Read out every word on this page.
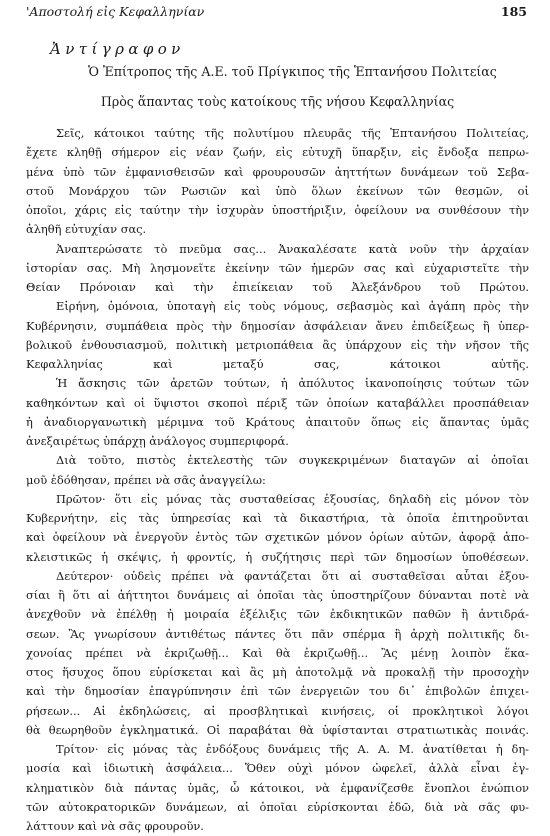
'Αποστολή εἰς Κεφαλληνίαν	185
Ἀντίγραφον
Ὁ Ἐπίτροπος τῆς Α.Ε. τοῦ Πρίγκιπος τῆς Ἑπτανήσου Πολιτείας
Πρὸς ἅπαντας τοὺς κατοίκους τῆς νήσου Κεφαλληνίας
Σεῖς, κάτοικοι ταύτης τῆς πολυτίμου πλευρᾶς τῆς Ἑπτανήσου Πολιτείας,
ἔχετε κληθῇ σήμερον εἰς νέαν ζωήν, εἰς εὐτυχῆ ὕπαρξιν, εἰς ἔνδοξα πεπρω-
μένα ὑπὸ τῶν ἐμφανισθεισῶν καὶ φρουρουσῶν ἀηττήτων δυνάμεων τοῦ Σεβα-
στοῦ Μονάρχου τῶν Ρωσιῶν καὶ ὑπὸ ὅλων ἐκείνων τῶν θεσμῶν, οἱ
ὁποῖοι, χάρις εἰς ταύτην τὴν ἰσχυρὰν ὑποστήριξιν, ὀφείλουν να συνθέσουν τὴν
ἀληθῆ εὐτυχίαν σας.
Ἀναπτερώσατε τὸ πνεῦμα σας... Ἀνακαλέσατε κατὰ νοῦν τὴν ἀρχαίαν
ἱστορίαν σας. Μὴ λησμονεῖτε ἐκείνην τῶν ἡμερῶν σας καὶ εὐχαριστεῖτε τὴν
Θείαν Πρόνοιαν καὶ τὴν ἐπιείκειαν τοῦ Ἀλεξάνδρου τοῦ Πρώτου.
Εἰρήνη, ὁμόνοια, ὑποταγὴ εἰς τοὺς νόμους, σεβασμὸς καὶ ἀγάπη πρὸς τὴν
Κυβέρνησιν, συμπάθεια πρὸς τὴν δημοσίαν ἀσφάλειαν ἄνευ ἐπιδείξεως ἢ ὑπερ-
βολικοῦ ἐνθουσιασμοῦ, πολιτικὴ μετριοπάθεια ἂς ὑπάρχουν εἰς τὴν νῆσον τῆς
Κεφαλληνίας καὶ μεταξύ σας, κάτοικοι αὐτῆς.
Ἡ ἄσκησις τῶν ἀρετῶν τούτων, ἡ ἀπόλυτος ἱκανοποίησις τούτων τῶν
καθηκόντων καὶ οἱ ὕψιστοι σκοποὶ πέριξ τῶν ὁποίων καταβάλλει προσπάθειαν
ἡ ἀναδιοργανωτικὴ μέριμνα τοῦ Κράτους ἀπαιτοῦν ὅπως εἰς ἅπαντας ὑμᾶς
ἀνεξαιρέτως ὑπάρχῃ ἀνάλογος συμπεριφορά.
Διὰ τοῦτο, πιστὸς ἐκτελεστὴς τῶν συγκεκριμένων διαταγῶν αἱ ὁποῖαι
μοῦ ἐδόθησαν, πρέπει νὰ σᾶς ἀναγγείλω:
Πρῶτον· ὅτι εἰς μόνας τὰς συσταθείσας ἐξουσίας, δηλαδὴ εἰς μόνον τὸν
Κυβερνήτην, εἰς τὰς ὑπηρεσίας καὶ τὰ δικαστήρια, τὰ ὁποῖα ἐπιτηροῦνται
καὶ ὀφείλουν νὰ ἐνεργοῦν ἐντὸς τῶν σχετικῶν μόνον ὁρίων αὐτῶν, ἀφορᾷ ἀπο-
κλειστικῶς ἡ σκέψις, ἡ φροντίς, ἡ συζήτησις περὶ τῶν δημοσίων ὑποθέσεων.
Δεύτερον· οὐδεὶς πρέπει νὰ φαντάζεται ὅτι αἱ συσταθεῖσαι αὗται ἐξου-
σίαι ἢ ὅτι αἱ ἀήττητοι δυνάμεις αἱ ὁποῖαι τὰς ὑποστηρίζουν δύνανται ποτὲ νὰ
ἀνεχθοῦν νὰ ἐπέλθῃ ἡ μοιραία ἐξέλιξις τῶν ἐκδικητικῶν παθῶν ἢ ἀντιδρά-
σεων. Ἂς γνωρίσουν ἀντιθέτως πάντες ὅτι πᾶν σπέρμα ἢ ἀρχὴ πολιτικῆς δι-
χονοίας πρέπει νὰ ἐκριζωθῇ... Καὶ θὰ ἐκριζωθῇ... Ἂς μένῃ λοιπὸν ἕκα-
στος ἥσυχος ὅπου εὑρίσκεται καὶ ἂς μὴ ἀποτολμᾷ νὰ προκαλῇ τὴν προσοχὴν
καὶ τὴν δημοσίαν ἐπαγρύπνησιν ἐπὶ τῶν ἐνεργειῶν του δι᾽ ἐπιβολῶν ἐπιχει-
ρήσεων... Αἱ ἐκδηλώσεις, αἱ προσβλητικαὶ κινήσεις, οἱ προκλητικοὶ λόγοι
θὰ θεωρηθοῦν ἐγκληματικά. Οἱ παραβάται θὰ ὑφίστανται στρατιωτικὰς ποινάς.
Τρίτον· εἰς μόνας τὰς ἐνδόξους δυνάμεις τῆς Α. Α. Μ. ἀνατίθεται ἡ δη-
μοσία καὶ ἰδιωτικὴ ἀσφάλεια... Ὅθεν οὐχὶ μόνον ὠφελεῖ, ἀλλὰ εἶναι ἐγ-
κληματικὸν διὰ πάντας ὑμᾶς, ὦ κάτοικοι, νὰ ἐμφανίζεσθε ἔνοπλοι ἐνώπιον
τῶν αὐτοκρατορικῶν δυνάμεων, αἱ ὁποῖαι εὑρίσκονται ἐδῶ, διὰ νὰ σᾶς φυ-
λάττουν καὶ νὰ σᾶς φρουροῦν.
